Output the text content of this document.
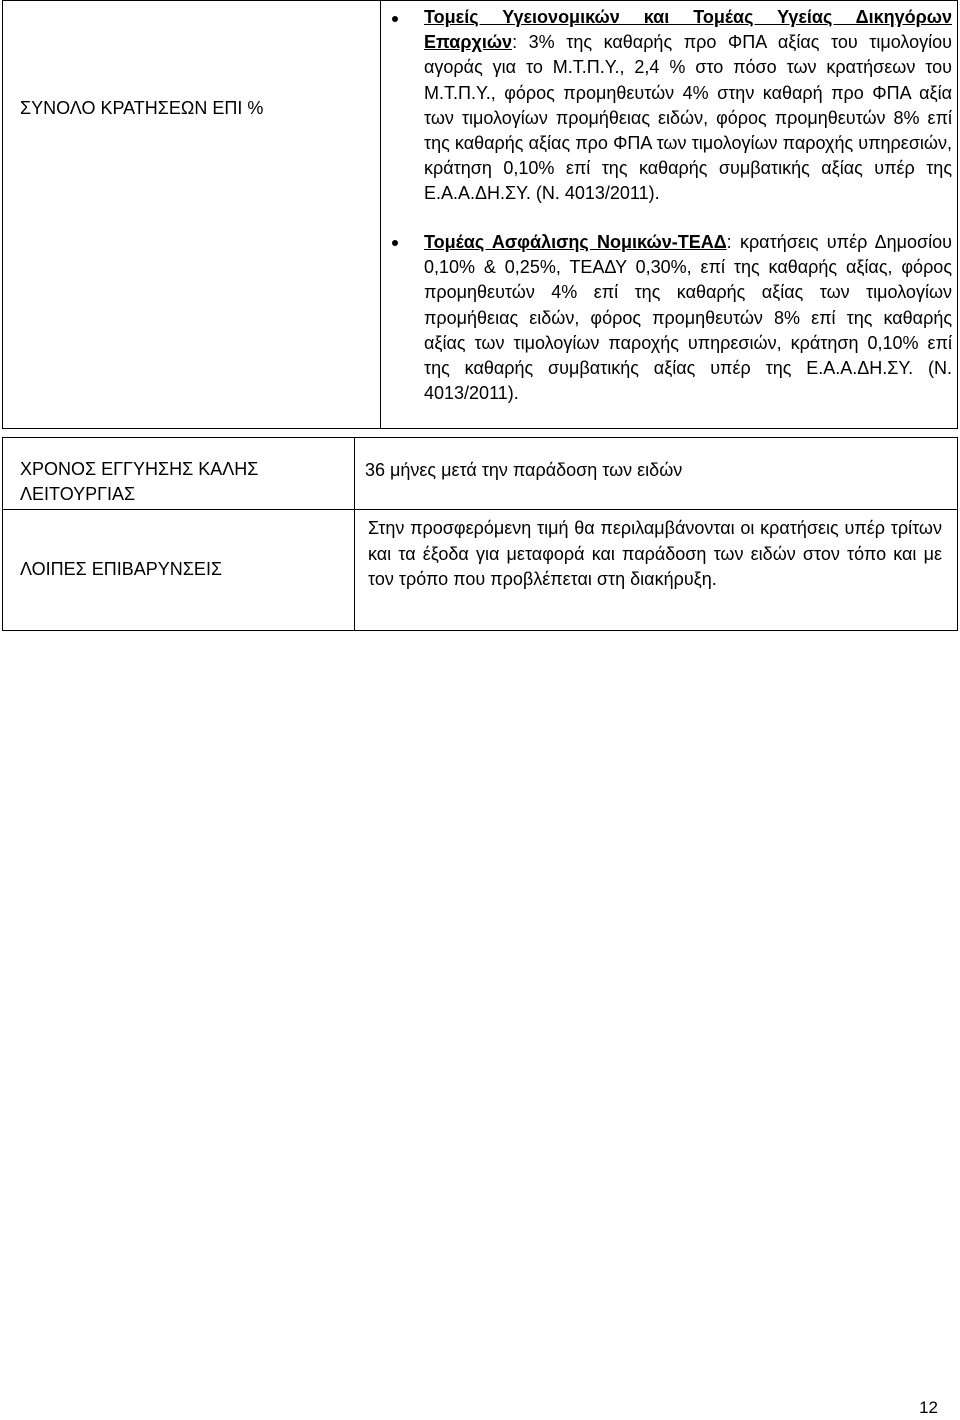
ΣΥΝΟΛΟ ΚΡΑΤΗΣΕΩΝ ΕΠΙ %
Τομείς Υγειονομικών και Τομέας Υγείας Δικηγόρων Επαρχιών: 3% της καθαρής προ ΦΠΑ αξίας του τιμολογίου αγοράς για το Μ.Τ.Π.Υ., 2,4 % στο πόσο των κρατήσεων του Μ.Τ.Π.Υ., φόρος προμηθευτών 4% στην καθαρή προ ΦΠΑ αξία των τιμολογίων προμήθειας ειδών, φόρος προμηθευτών 8% επί της καθαρής αξίας προ ΦΠΑ των τιμολογίων παροχής υπηρεσιών, κράτηση 0,10% επί της καθαρής συμβατικής αξίας υπέρ της Ε.Α.Α.ΔΗ.ΣΥ. (Ν. 4013/2011).
Τομέας Ασφάλισης Νομικών-ΤΕΑΔ: κρατήσεις υπέρ Δημοσίου 0,10% & 0,25%, ΤΕΑΔΥ 0,30%, επί της καθαρής αξίας, φόρος προμηθευτών 4% επί της καθαρής αξίας των τιμολογίων προμήθειας ειδών, φόρος προμηθευτών 8% επί της καθαρής αξίας των τιμολογίων παροχής υπηρεσιών, κράτηση 0,10% επί της καθαρής συμβατικής αξίας υπέρ της Ε.Α.Α.ΔΗ.ΣΥ. (Ν. 4013/2011).
ΧΡΟΝΟΣ ΕΓΓΥΗΣΗΣ ΚΑΛΗΣ ΛΕΙΤΟΥΡΓΙΑΣ
36 μήνες μετά την παράδοση των ειδών
ΛΟΙΠΕΣ ΕΠΙΒΑΡΥΝΣΕΙΣ
Στην προσφερόμενη τιμή θα περιλαμβάνονται οι κρατήσεις υπέρ τρίτων και τα έξοδα για μεταφορά και παράδοση των ειδών στον τόπο και με τον τρόπο που προβλέπεται στη διακήρυξη.
12
